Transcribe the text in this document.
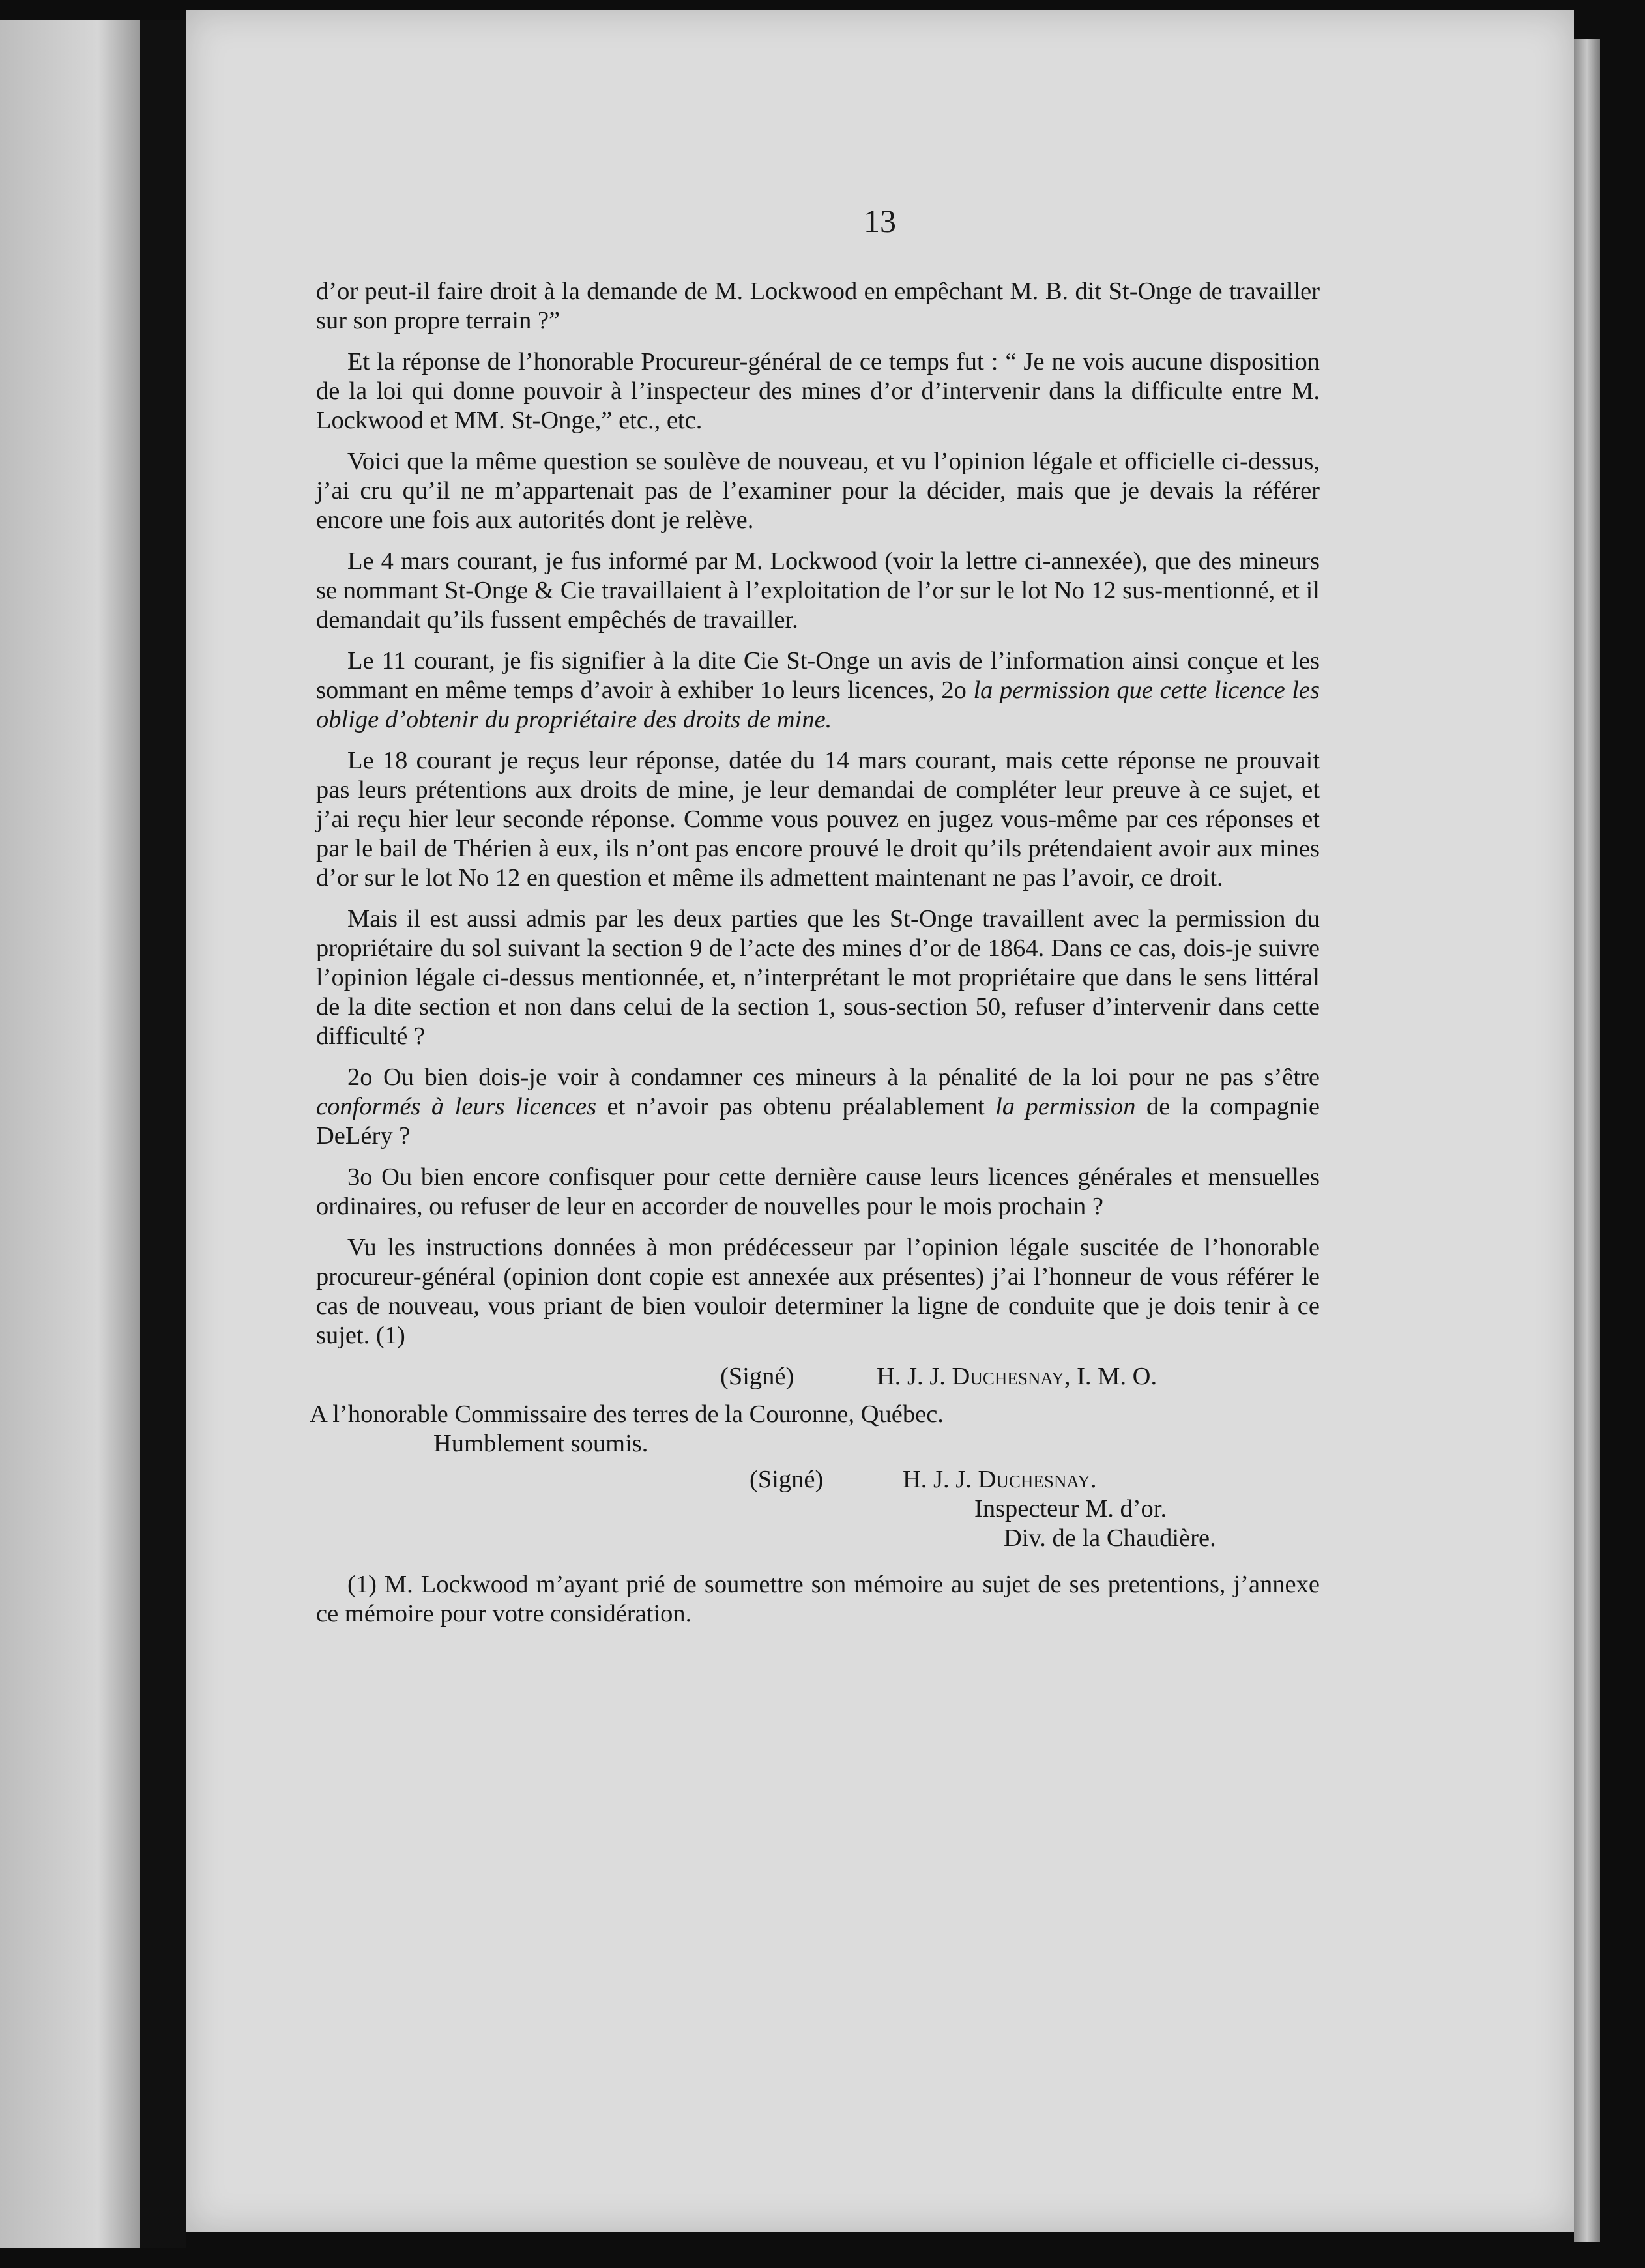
13

d’or peut-il faire droit à la demande de M. Lockwood en empêchant M. B. dit St-Onge de travailler sur son propre terrain ?”

Et la réponse de l’honorable Procureur-général de ce temps fut : “ Je ne vois aucune disposition de la loi qui donne pouvoir à l’inspecteur des mines d’or d’intervenir dans la difficulte entre M. Lockwood et MM. St-Onge,” etc., etc.

Voici que la même question se soulève de nouveau, et vu l’opinion légale et officielle ci-dessus, j’ai cru qu’il ne m’appartenait pas de l’examiner pour la décider, mais que je devais la référer encore une fois aux autorités dont je relève.

Le 4 mars courant, je fus informé par M. Lockwood (voir la lettre ci-annexée), que des mineurs se nommant St-Onge & Cie travaillaient à l’exploitation de l’or sur le lot No 12 sus-mentionné, et il demandait qu’ils fussent empêchés de travailler.

Le 11 courant, je fis signifier à la dite Cie St-Onge un avis de l’information ainsi conçue et les sommant en même temps d’avoir à exhiber 1o leurs licences, 2o la permission que cette licence les oblige d’obtenir du propriétaire des droits de mine.

Le 18 courant je reçus leur réponse, datée du 14 mars courant, mais cette réponse ne prouvait pas leurs prétentions aux droits de mine, je leur demandai de compléter leur preuve à ce sujet, et j’ai reçu hier leur seconde réponse. Comme vous pouvez en jugez vous-même par ces réponses et par le bail de Thérien à eux, ils n’ont pas encore prouvé le droit qu’ils prétendaient avoir aux mines d’or sur le lot No 12 en question et même ils admettent maintenant ne pas l’avoir, ce droit.

Mais il est aussi admis par les deux parties que les St-Onge travaillent avec la permission du propriétaire du sol suivant la section 9 de l’acte des mines d’or de 1864. Dans ce cas, dois-je suivre l’opinion légale ci-dessus mentionnée, et, n’interprétant le mot propriétaire que dans le sens littéral de la dite section et non dans celui de la section 1, sous-section 50, refuser d’intervenir dans cette difficulté ?

2o Ou bien dois-je voir à condamner ces mineurs à la pénalité de la loi pour ne pas s’être conformés à leurs licences et n’avoir pas obtenu préalablement la permission de la compagnie DeLéry ?

3o Ou bien encore confisquer pour cette dernière cause leurs licences générales et mensuelles ordinaires, ou refuser de leur en accorder de nouvelles pour le mois prochain ?

Vu les instructions données à mon prédécesseur par l’opinion légale suscitée de l’honorable procureur-général (opinion dont copie est annexée aux présentes) j’ai l’honneur de vous référer le cas de nouveau, vous priant de bien vouloir determiner la ligne de conduite que je dois tenir à ce sujet. (1)

(Signé)	H. J. J. Duchesnay, I. M. O.
A l’honorable Commissaire des terres de la Couronne, Québec.
Humblement soumis.
(Signé)	H. J. J. Duchesnay.
Inspecteur M. d’or.
Div. de la Chaudière.

(1) M. Lockwood m’ayant prié de soumettre son mémoire au sujet de ses pretentions, j’annexe ce mémoire pour votre considération.
